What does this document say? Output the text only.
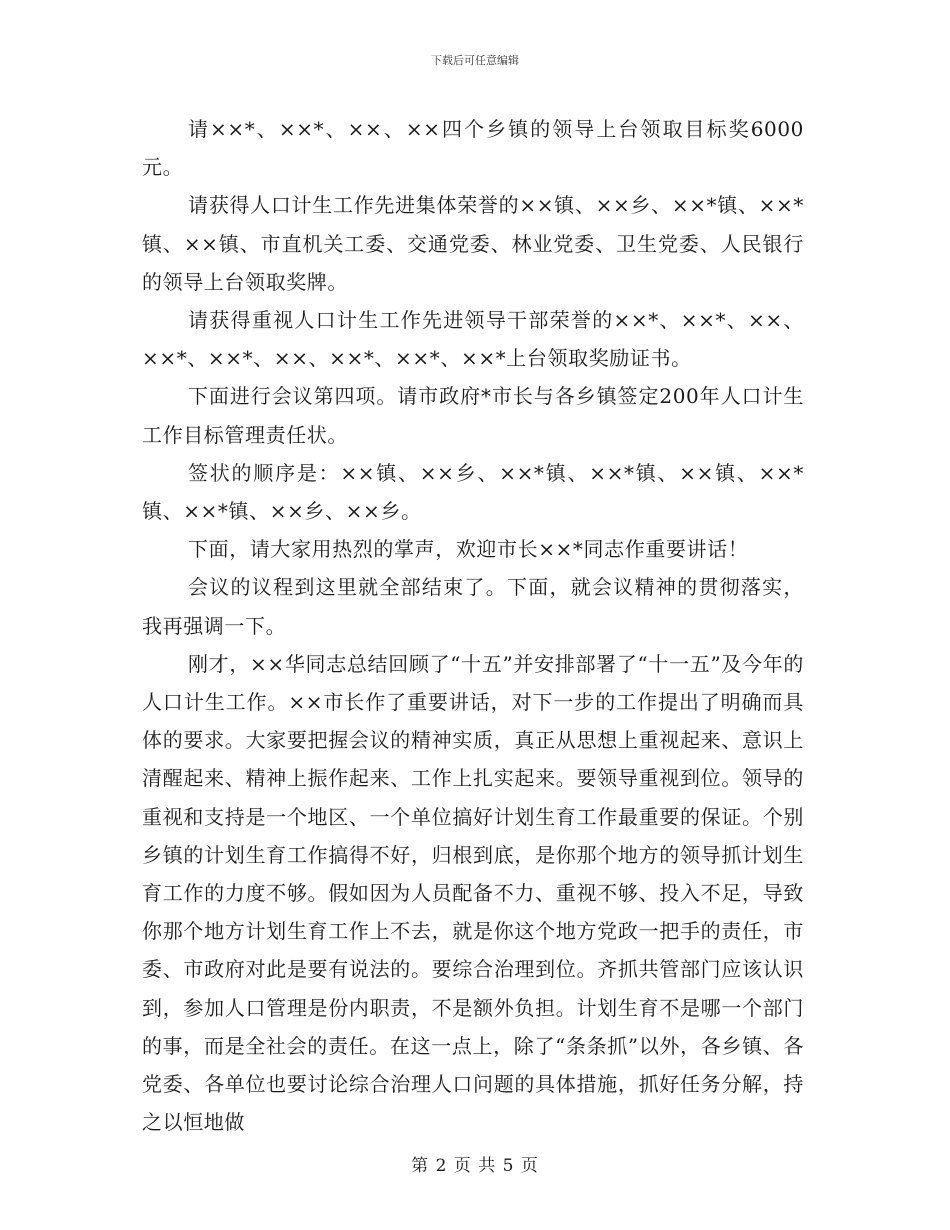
下载后可任意编辑

请××*、××*、××、××四个乡镇的领导上台领取目标奖6000元。

请获得人口计生工作先进集体荣誉的××镇、××乡、××*镇、××*镇、××镇、市直机关工委、交通党委、林业党委、卫生党委、人民银行的领导上台领取奖牌。

请获得重视人口计生工作先进领导干部荣誉的××*、××*、××、××*、××*、××、××*、××*、××*上台领取奖励证书。

下面进行会议第四项。请市政府*市长与各乡镇签定200年人口计生工作目标管理责任状。

签状的顺序是：××镇、××乡、××*镇、××*镇、××镇、××*镇、××*镇、××乡、××乡。

下面，请大家用热烈的掌声，欢迎市长××*同志作重要讲话！

会议的议程到这里就全部结束了。下面，就会议精神的贯彻落实，我再强调一下。

刚才，××华同志总结回顾了“十五”并安排部署了“十一五”及今年的人口计生工作。××市长作了重要讲话，对下一步的工作提出了明确而具体的要求。大家要把握会议的精神实质，真正从思想上重视起来、意识上清醒起来、精神上振作起来、工作上扎实起来。要领导重视到位。领导的重视和支持是一个地区、一个单位搞好计划生育工作最重要的保证。个别乡镇的计划生育工作搞得不好，归根到底，是你那个地方的领导抓计划生育工作的力度不够。假如因为人员配备不力、重视不够、投入不足，导致你那个地方计划生育工作上不去，就是你这个地方党政一把手的责任，市委、市政府对此是要有说法的。要综合治理到位。齐抓共管部门应该认识到，参加人口管理是份内职责，不是额外负担。计划生育不是哪一个部门的事，而是全社会的责任。在这一点上，除了“条条抓”以外，各乡镇、各党委、各单位也要讨论综合治理人口问题的具体措施，抓好任务分解，持之以恒地做

第 2 页 共 5 页
